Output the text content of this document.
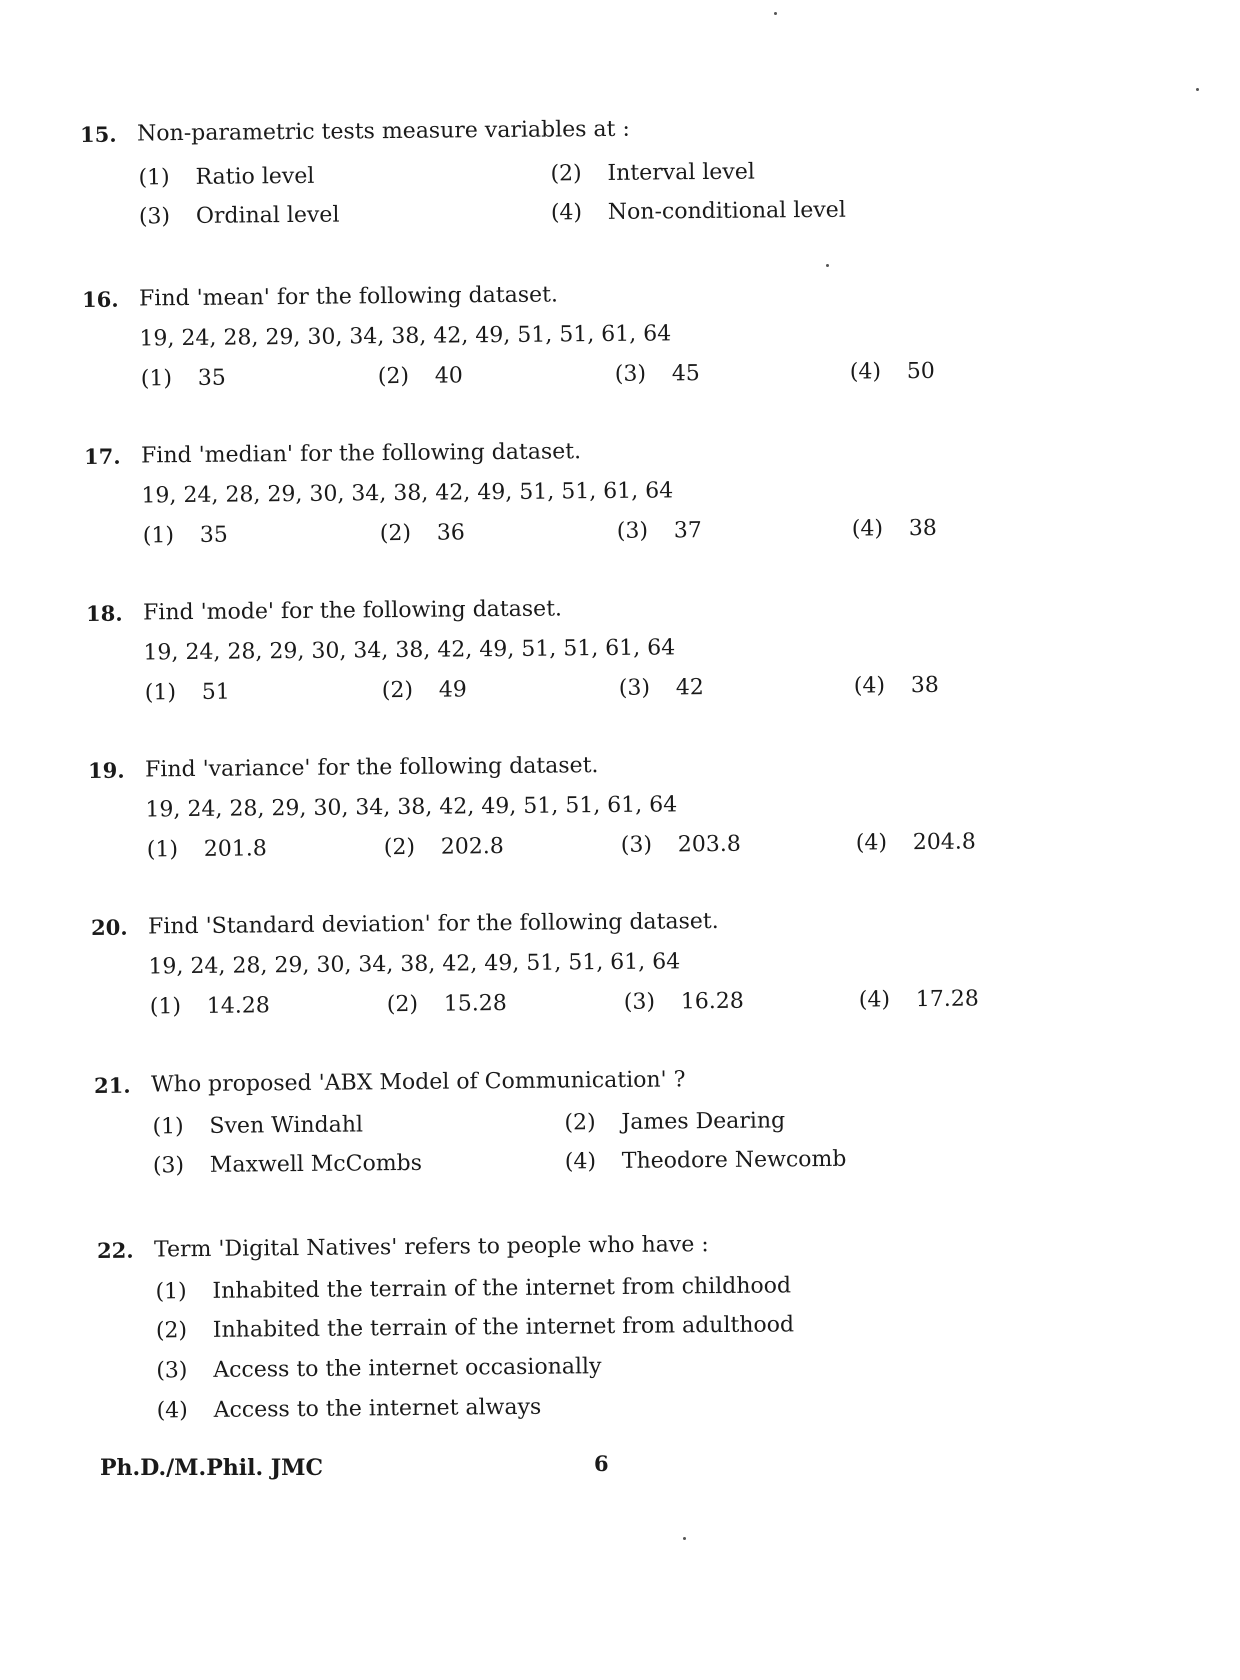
15. Non-parametric tests measure variables at :
(1) Ratio level	(2) Interval level
(3) Ordinal level	(4) Non-conditional level
16. Find 'mean' for the following dataset.
19, 24, 28, 29, 30, 34, 38, 42, 49, 51, 51, 61, 64
(1) 35	(2) 40	(3) 45	(4) 50
17. Find 'median' for the following dataset.
19, 24, 28, 29, 30, 34, 38, 42, 49, 51, 51, 61, 64
(1) 35	(2) 36	(3) 37	(4) 38
18. Find 'mode' for the following dataset.
19, 24, 28, 29, 30, 34, 38, 42, 49, 51, 51, 61, 64
(1) 51	(2) 49	(3) 42	(4) 38
19. Find 'variance' for the following dataset.
19, 24, 28, 29, 30, 34, 38, 42, 49, 51, 51, 61, 64
(1) 201.8	(2) 202.8	(3) 203.8	(4) 204.8
20. Find 'Standard deviation' for the following dataset.
19, 24, 28, 29, 30, 34, 38, 42, 49, 51, 51, 61, 64
(1) 14.28	(2) 15.28	(3) 16.28	(4) 17.28
21. Who proposed 'ABX Model of Communication' ?
(1) Sven Windahl	(2) James Dearing
(3) Maxwell McCombs	(4) Theodore Newcomb
22. Term 'Digital Natives' refers to people who have :
(1) Inhabited the terrain of the internet from childhood
(2) Inhabited the terrain of the internet from adulthood
(3) Access to the internet occasionally
(4) Access to the internet always
Ph.D./M.Phil. JMC	6
